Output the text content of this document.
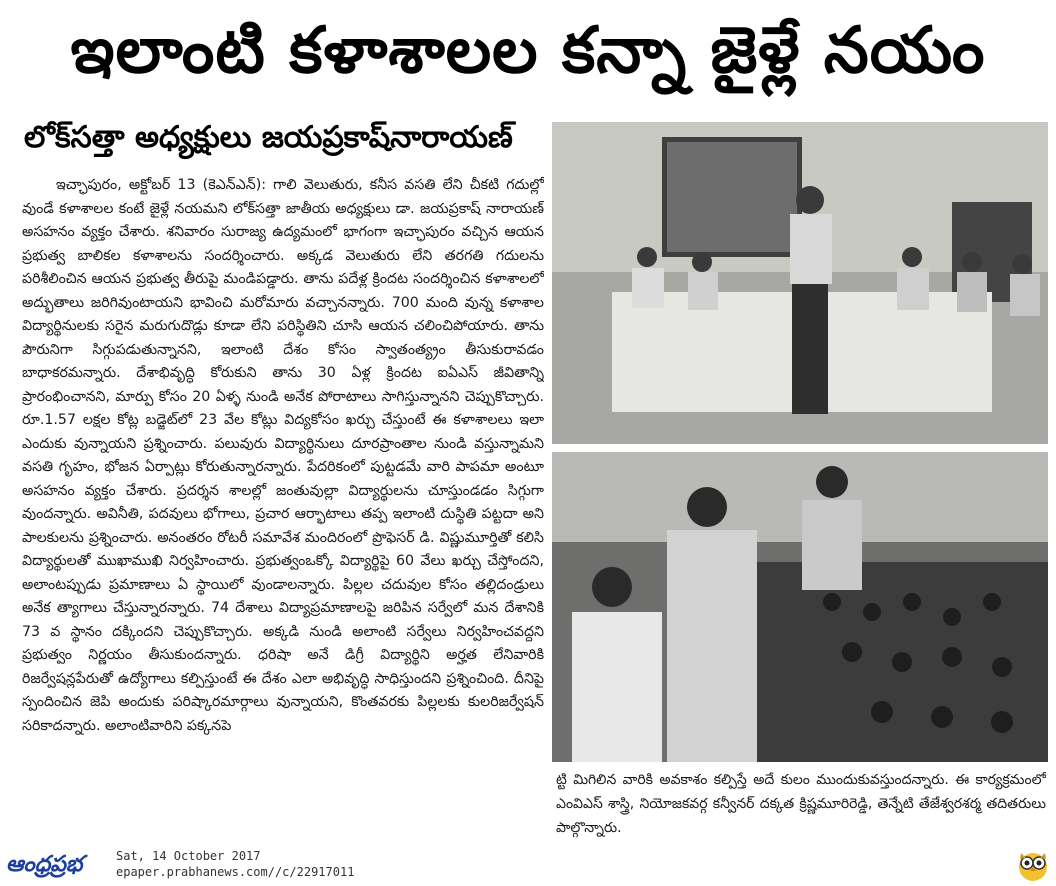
ఇలాంటి కళాశాలల కన్నా జైళ్లే నయం
లోక్‌సత్తా అధ్యక్షులు జయప్రకాష్‌నారాయణ్

ఇచ్ఛాపురం, అక్టోబర్ 13 (కెఎన్ఎన్): గాలి వెలుతురు, కనీస వసతి లేని చీకటి గదుల్లో వుండే కళాశాలల కంటే జైళ్లే నయమని లోక్‌సత్తా జాతీయ అధ్యక్షులు డా. జయప్రకాష్ నారాయణ్ అసహనం వ్యక్తం చేశారు. శనివారం సురాజ్య ఉద్యమంలో భాగంగా ఇచ్ఛాపురం వచ్చిన ఆయన ప్రభుత్వ బాలికల కళాశాలను సందర్శించారు. అక్కడ వెలుతురు లేని తరగతి గదులను పరిశీలించిన ఆయన ప్రభుత్వ తీరుపై మండిపడ్డారు. తాను పదేళ్ల క్రిందట సందర్శించిన కళాశాలలో అద్భుతాలు జరిగివుంటాయని భావించి మరోమారు వచ్చానన్నారు. 700 మంది వున్న కళాశాల విద్యార్థినులకు సరైన మరుగుదొడ్లు కూడా లేని పరిస్థితిని చూసి ఆయన చలించిపోయారు. తాను పౌరునిగా సిగ్గుపడుతున్నానని, ఇలాంటి దేశం కోసం స్వాతంత్య్రం తీసుకురావడం బాధాకరమన్నారు. దేశాభివృద్ధి కోరుకుని తాను 30 ఏళ్ల క్రిందట ఐఏఎస్ జీవితాన్ని ప్రారంభించానని, మార్పు కోసం 20 ఏళ్ళ నుండి అనేక పోరాటాలు సాగిస్తున్నానని చెప్పుకొచ్చారు. రూ.1.57 లక్షల కోట్ల బడ్జెట్‌లో 23 వేల కోట్లు విద్యకోసం ఖర్చు చేస్తుంటే ఈ కళాశాలలు ఇలా ఎందుకు వున్నాయని ప్రశ్నించారు. పలువురు విద్యార్థినులు దూరప్రాంతాల నుండి వస్తున్నామని వసతి గృహం, భోజన ఏర్పాట్లు కోరుతున్నారన్నారు. పేదరికంలో పుట్టడమే వారి పాపమా అంటూ అసహనం వ్యక్తం చేశారు. ప్రదర్శన శాలల్లో జంతువుల్లా విద్యార్థులను చూస్తుండడం సిగ్గుగా వుందన్నారు. అవినీతి, పదవులు భోగాలు, ప్రచార ఆర్భాటాలు తప్ప ఇలాంటి దుస్థితి పట్టదా అని పాలకులను ప్రశ్నించారు. అనంతరం రోటరీ సమావేశ మందిరంలో ప్రొఫెసర్ డి. విష్ణుమూర్తితో కలిసి విద్యార్థులతో ముఖాముఖి నిర్వహించారు. ప్రభుత్వంఒక్కో విద్యార్థిపై 60 వేలు ఖర్చు చేస్తోందని, అలాంటప్పుడు ప్రమాణాలు ఏ స్థాయిలో వుండాలన్నారు. పిల్లల చదువుల కోసం తల్లిదండ్రులు అనేక త్యాగాలు చేస్తున్నారన్నారు. 74 దేశాలు విద్యాప్రమాణాలపై జరిపిన సర్వేలో మన దేశానికి 73 వ స్థానం దక్కిందని చెప్పుకొచ్చారు. అక్కడి నుండి అలాంటి సర్వేలు నిర్వహించవద్దని ప్రభుత్వం నిర్ణయం తీసుకుందన్నారు. ధరిషా అనే డిగ్రీ విద్యార్థిని అర్హత లేనివారికి రిజర్వేషన్లపేరుతో ఉద్యోగాలు కల్పిస్తుంటే ఈ దేశం ఎలా అభివృద్ధి సాధిస్తుందని ప్రశ్నించింది. దీనిపై స్పందించిన జెపి అందుకు పరిష్కారమార్గాలు వున్నాయని, కొంతవరకు పిల్లలకు కులరిజర్వేషన్ సరికాదన్నారు. అలాంటివారిని పక్కనపె

ట్టి మిగిలిన వారికి అవకాశం కల్పిస్తే అదే కులం ముందుకువస్తుందన్నారు. ఈ కార్యక్రమంలో ఎంవిఎస్ శాస్త్రి, నియోజకవర్గ కన్వీనర్ దక్కత క్రిష్ణమూరిరెడ్డి, తెన్నేటి తేజేశ్వరశర్మ తదితరులు పాల్గొన్నారు.
ఆంధ్రప్రభ	Sat, 14 October 2017
epaper.prabhanews.com//c/22917011
